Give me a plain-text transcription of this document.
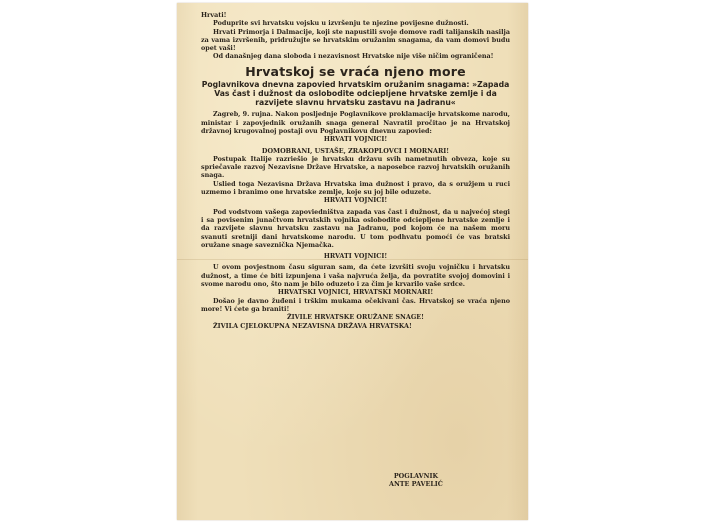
Hrvati!

Poduprite svi hrvatsku vojsku u izvršenju te njezine povijesne dužnosti.

Hrvati Primorja i Dalmacije, koji ste napustili svoje domove radi talijanskih nasilja za vama izvršenih, pridružujte se hrvatskim oružanim snagama, da vam domovi budu opet vaši!

Od današnjeg dana sloboda i nezavisnost Hrvatske nije više ničim ograničena!

Hrvatskoj se vraća njeno more
Poglavnikova dnevna zapovied hrvatskim oružanim snagama: »Zapada Vas čast i dužnost da oslobodite odcieplјene hrvatske zemlje i da razvijete slavnu hrvatsku zastavu na Jadranu«

Zagreb, 9. rujna. Nakon posljednje Poglavnikove proklamacije hrvatskome narodu, ministar i zapovjednik oružanih snaga general Navratil pročitao je na Hrvatskoj državnoj krugovalnoj postaji ovu Poglavnikovu dnevnu zapovied:

HRVATI VOJNICI!

DOMOBRANI, USTAŠE, ZRAKOPLOVCI I MORNARI!

Postupak Italije razriešio je hrvatsku državu svih nametnutih obveza, koje su spriečavale razvoj Nezavisne Države Hrvatske, a naposebce razvoj hrvatskih oružanih snaga.

Uslied toga Nezavisna Država Hrvatska ima dužnost i pravo, da s oružjem u ruci uzmemo i branimo one hrvatske zemlje, koje su joj bile oduzete.

HRVATI VOJNICI!

Pod vodstvom vašega zapoviedništva zapada vas čast i dužnost, da u najvećoj stegi i sa povisenim junačtvom hrvatskih vojnika oslobodite odcieplјene hrvatske zemlje i da razvijete slavnu hrvatsku zastavu na Jadranu, pod kojom će na našem moru svanuti sretniji dani hrvatskome narodu. U tom podhvatu pomoći će vas bratski oružane snage saveznička Njemačka.

HRVATI VOJNICI!

U ovom povjestnom času siguran sam, da ćete izvršiti svoju vojničku i hrvatsku dužnost, a time će biti izpunjena i vaša najvruća želja, da povratite svojoj domovini i svome narodu ono, što nam je bilo oduzeto i za čim je krvarilo vaše srdce.

HRVATSKI VOJNICI, HRVATSKI MORNARI!

Došao je davno žuđeni i trškim mukama očekivani čas. Hrvatskoj se vraća njeno more! Vi ćete ga braniti!

ŽIVILE HRVATSKE ORUŽANE SNAGE!

ŽIVILA CJELOKUPNA NEZAVISNA DRŽAVA HRVATSKA!

POGLAVNIK

ANTE PAVELIĆ
